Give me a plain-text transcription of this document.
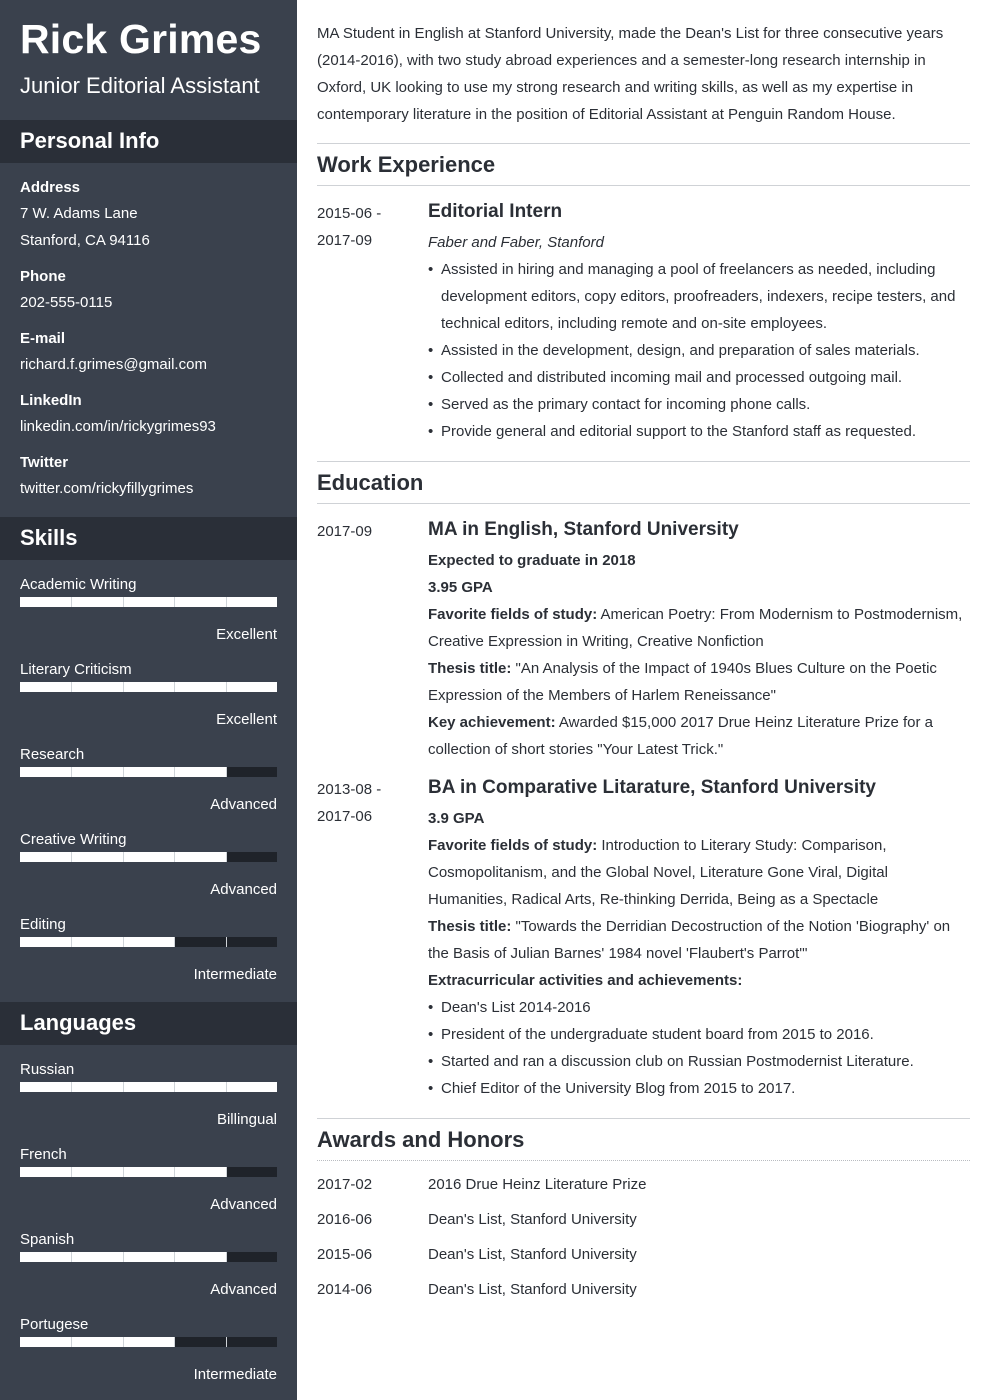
Rick Grimes
Junior Editorial Assistant
Personal Info
Address
7 W. Adams Lane
Stanford, CA 94116
Phone
202-555-0115
E-mail
richard.f.grimes@gmail.com
LinkedIn
linkedin.com/in/rickygrimes93
Twitter
twitter.com/rickyfillygrimes
Skills
Academic Writing
Excellent
Literary Criticism
Excellent
Research
Advanced
Creative Writing
Advanced
Editing
Intermediate
Languages
Russian
Billingual
French
Advanced
Spanish
Advanced
Portugese
Intermediate
MA Student in English at Stanford University, made the Dean's List for three consecutive years (2014-2016), with two study abroad experiences and a semester-long research internship in Oxford, UK looking to use my strong research and writing skills, as well as my expertise in contemporary literature in the position of Editorial Assistant at Penguin Random House.
Work Experience
2015-06 -
2017-09
Editorial Intern
Faber and Faber, Stanford
• Assisted in hiring and managing a pool of freelancers as needed, including development editors, copy editors, proofreaders, indexers, recipe testers, and technical editors, including remote and on-site employees.
• Assisted in the development, design, and preparation of sales materials.
• Collected and distributed incoming mail and processed outgoing mail.
• Served as the primary contact for incoming phone calls.
• Provide general and editorial support to the Stanford staff as requested.
Education
2017-09	MA in English, Stanford University
Expected to graduate in 2018
3.95 GPA
Favorite fields of study: American Poetry: From Modernism to Postmodernism, Creative Expression in Writing, Creative Nonfiction
Thesis title: "An Analysis of the Impact of 1940s Blues Culture on the Poetic Expression of the Members of Harlem Reneissance"
Key achievement: Awarded $15,000 2017 Drue Heinz Literature Prize for a collection of short stories "Your Latest Trick."
2013-08 -
2017-06
BA in Comparative Litarature, Stanford University
3.9 GPA
Favorite fields of study: Introduction to Literary Study: Comparison, Cosmopolitanism, and the Global Novel, Literature Gone Viral, Digital Humanities, Radical Arts, Re-thinking Derrida, Being as a Spectacle
Thesis title: "Towards the Derridian Decostruction of the Notion 'Biography' on the Basis of Julian Barnes' 1984 novel 'Flaubert's Parrot'"
Extracurricular activities and achievements:
• Dean's List 2014-2016
• President of the undergraduate student board from 2015 to 2016.
• Started and ran a discussion club on Russian Postmodernist Literature.
• Chief Editor of the University Blog from 2015 to 2017.
Awards and Honors
2017-02	2016 Drue Heinz Literature Prize
2016-06	Dean's List, Stanford University
2015-06	Dean's List, Stanford University
2014-06	Dean's List, Stanford University
